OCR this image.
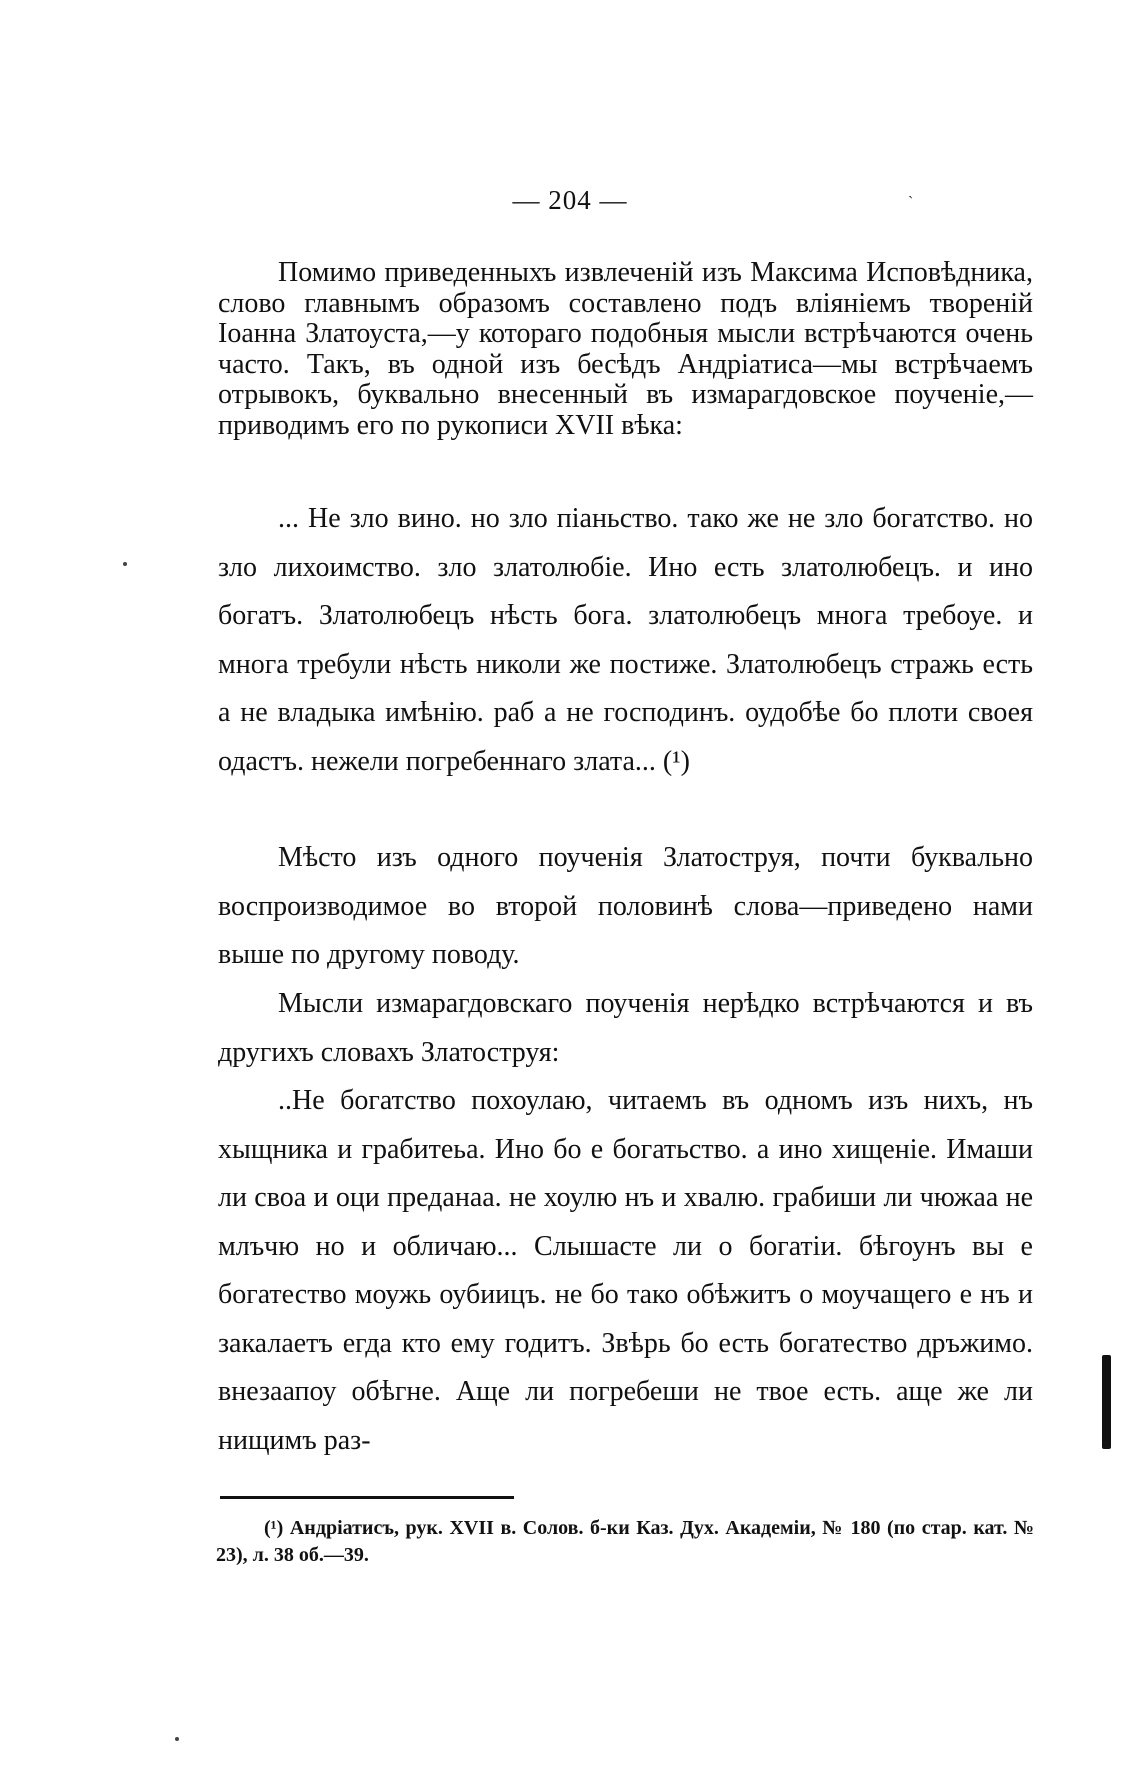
— 204 —	ˏ

Помимо приведенныхъ извлеченій изъ Максима Исповѣдника, слово главнымъ образомъ составлено подъ вліяніемъ твореній Іоанна Златоуста,—у котораго подобныя мысли встрѣчаются очень часто. Такъ, въ одной изъ бесѣдъ Андріатиса—мы встрѣчаемъ отрывокъ, буквально внесенный въ измарагдовское поученіе,—приводимъ его по рукописи XVII вѣка:

... Не зло вино. но зло піаньство. тако же не зло богатство. но зло лихоимство. зло златолюбіе. Ино есть златолюбецъ. и ино богатъ. Златолюбецъ нѣсть бога. златолюбецъ многа требоуе. и многа требули нѣсть николи же постиже. Златолюбецъ стражь есть а не владыка имѣнію. раб а не господинъ. оудобѣе бо плоти своея одастъ. нежели погребеннаго злата... (¹)

Мѣсто изъ одного поученія Златоструя, почти буквально воспроизводимое во второй половинѣ слова—приведено нами выше по другому поводу.

Мысли измарагдовскаго поученія нерѣдко встрѣчаются и въ другихъ словахъ Златоструя:

..Не богатство похоулаю, читаемъ въ одномъ изъ нихъ, нъ хыщника и грабитеьа. Ино бо е богатьство. а ино хищеніе. Имаши ли своа и оци преданаа. не хоулю нъ и хвалю. грабиши ли чюжаа не млъчю но и обличаю... Слышасте ли о богатіи. бѣгоунъ вы е богатество моужь оубиицъ. не бо тако обѣжитъ о моучащего е нъ и закалаетъ егда кто ему годитъ. Звѣрь бо есть богатество дръжимо. внезаапоу обѣгне. Аще ли погребеши не твое есть. аще же ли нищимъ раз-

(¹) Андріатисъ, рук. XVII в. Солов. б-ки Каз. Дух. Академіи, № 180 (по стар. кат. № 23), л. 38 об.—39.
